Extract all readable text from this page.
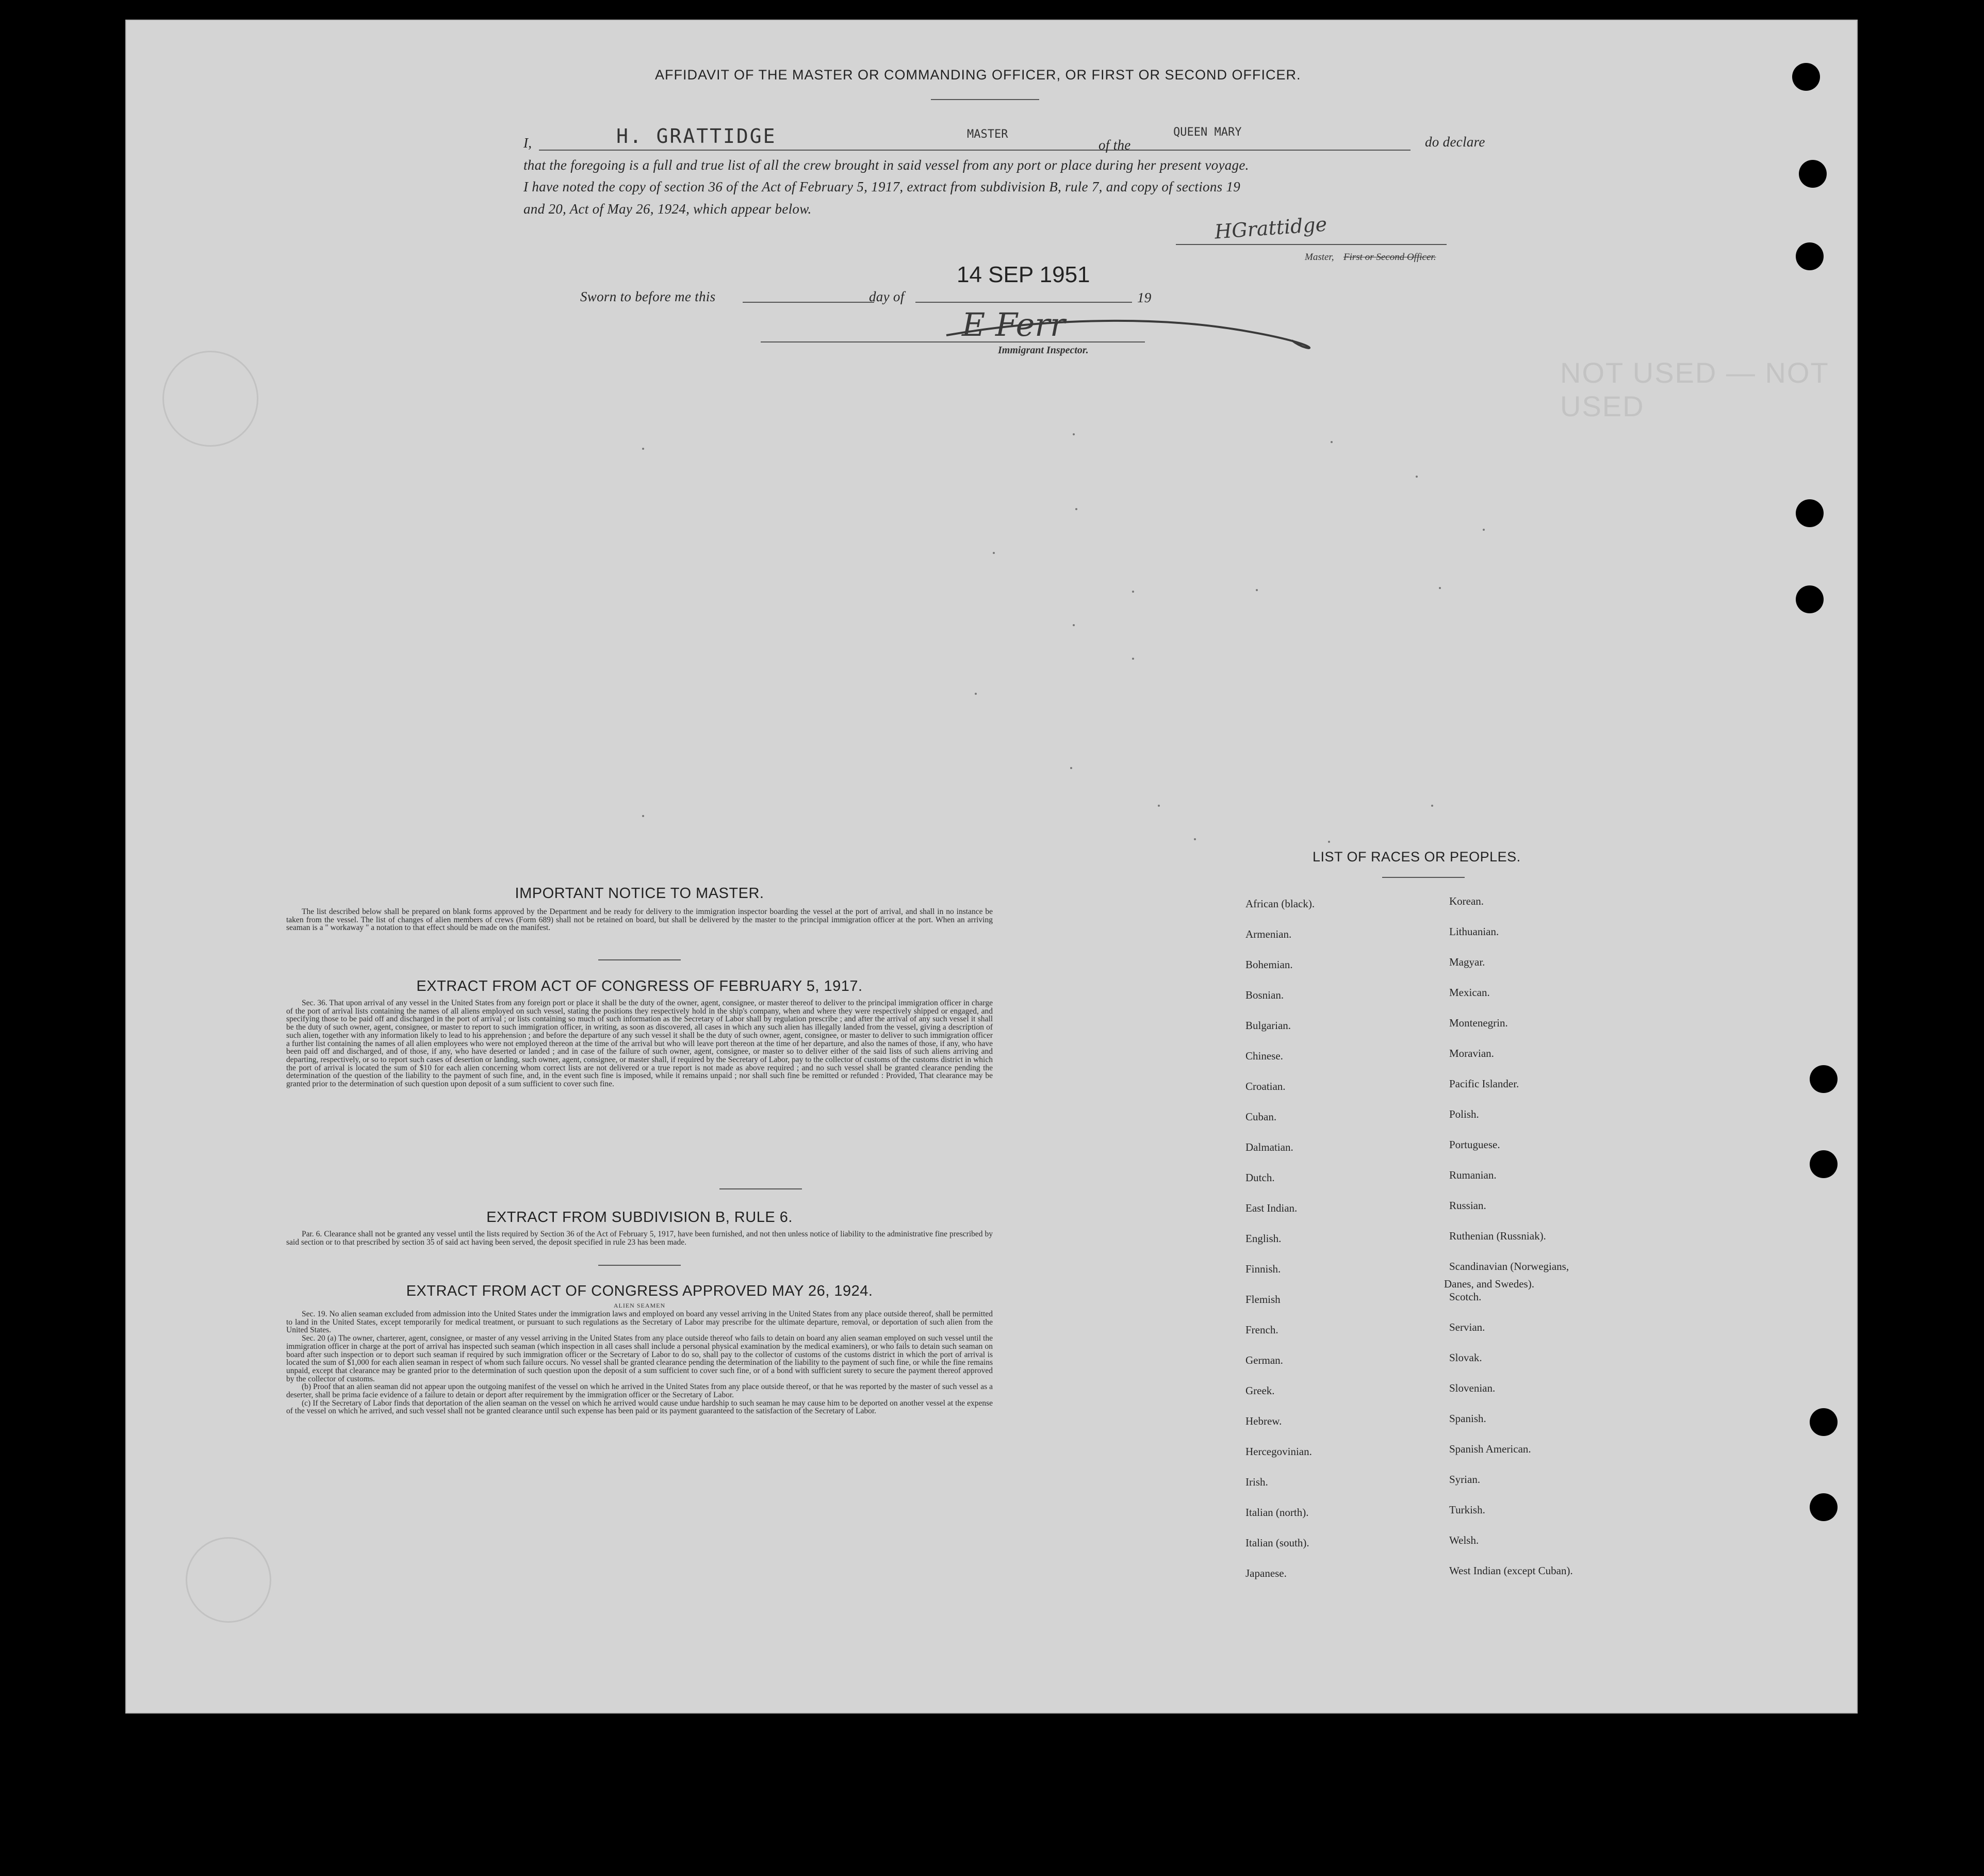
NOT USED — NOT USED
AFFIDAVIT OF THE MASTER OR COMMANDING OFFICER, OR FIRST OR SECOND OFFICER.
I,	H. GRATTIDGE	MASTER
of the
QUEEN MARY
do declare
that the foregoing is a full and true list of all the crew brought in said vessel from any port or place during her present voyage.
I have noted the copy of section 36 of the Act of February 5, 1917, extract from subdivision B, rule 7, and copy of sections 19
and 20, Act of May 26, 1924, which appear below.
HGrattidge
Master, First or Second Officer.
Sworn to before me this	day of
14 SEP 1951
19
E Ferr
Immigrant Inspector.
IMPORTANT NOTICE TO MASTER.

The list described below shall be prepared on blank forms approved by the Department and be ready for delivery to the immigration inspector boarding the vessel at the port of arrival, and shall in no instance be taken from the vessel. The list of changes of alien members of crews (Form 689) shall not be retained on board, but shall be delivered by the master to the principal immigration officer at the port. When an arriving seaman is a " workaway " a notation to that effect should be made on the manifest.

EXTRACT FROM ACT OF CONGRESS OF FEBRUARY 5, 1917.

Sec. 36. That upon arrival of any vessel in the United States from any foreign port or place it shall be the duty of the owner, agent, consignee, or master thereof to deliver to the principal immigration officer in charge of the port of arrival lists containing the names of all aliens employed on such vessel, stating the positions they respectively hold in the ship's company, when and where they were respectively shipped or engaged, and specifying those to be paid off and discharged in the port of arrival ; or lists containing so much of such information as the Secretary of Labor shall by regulation prescribe ; and after the arrival of any such vessel it shall be the duty of such owner, agent, consignee, or master to report to such immigration officer, in writing, as soon as discovered, all cases in which any such alien has illegally landed from the vessel, giving a description of such alien, together with any information likely to lead to his apprehension ; and before the departure of any such vessel it shall be the duty of such owner, agent, consignee, or master to deliver to such immigration officer a further list containing the names of all alien employees who were not employed thereon at the time of the arrival but who will leave port thereon at the time of her departure, and also the names of those, if any, who have been paid off and discharged, and of those, if any, who have deserted or landed ; and in case of the failure of such owner, agent, consignee, or master so to deliver either of the said lists of such aliens arriving and departing, respectively, or so to report such cases of desertion or landing, such owner, agent, consignee, or master shall, if required by the Secretary of Labor, pay to the collector of customs of the customs district in which the port of arrival is located the sum of $10 for each alien concerning whom correct lists are not delivered or a true report is not made as above required ; and no such vessel shall be granted clearance pending the determination of the question of the liability to the payment of such fine, and, in the event such fine is imposed, while it remains unpaid ; nor shall such fine be remitted or refunded : Provided, That clearance may be granted prior to the determination of such question upon deposit of a sum sufficient to cover such fine.

EXTRACT FROM SUBDIVISION B, RULE 6.

Par. 6. Clearance shall not be granted any vessel until the lists required by Section 36 of the Act of February 5, 1917, have been furnished, and not then unless notice of liability to the administrative fine prescribed by said section or to that prescribed by section 35 of said act having been served, the deposit specified in rule 23 has been made.

EXTRACT FROM ACT OF CONGRESS APPROVED MAY 26, 1924.
ALIEN SEAMEN

Sec. 19. No alien seaman excluded from admission into the United States under the immigration laws and employed on board any vessel arriving in the United States from any place outside thereof, shall be permitted to land in the United States, except temporarily for medical treatment, or pursuant to such regulations as the Secretary of Labor may prescribe for the ultimate departure, removal, or deportation of such alien from the United States.

Sec. 20 (a) The owner, charterer, agent, consignee, or master of any vessel arriving in the United States from any place outside thereof who fails to detain on board any alien seaman employed on such vessel until the immigration officer in charge at the port of arrival has inspected such seaman (which inspection in all cases shall include a personal physical examination by the medical examiners), or who fails to detain such seaman on board after such inspection or to deport such seaman if required by such immigration officer or the Secretary of Labor to do so, shall pay to the collector of customs of the customs district in which the port of arrival is located the sum of $1,000 for each alien seaman in respect of whom such failure occurs. No vessel shall be granted clearance pending the determination of the liability to the payment of such fine, or while the fine remains unpaid, except that clearance may be granted prior to the determination of such question upon the deposit of a sum sufficient to cover such fine, or of a bond with sufficient surety to secure the payment thereof approved by the collector of customs.

(b) Proof that an alien seaman did not appear upon the outgoing manifest of the vessel on which he arrived in the United States from any place outside thereof, or that he was reported by the master of such vessel as a deserter, shall be prima facie evidence of a failure to detain or deport after requirement by the immigration officer or the Secretary of Labor.

(c) If the Secretary of Labor finds that deportation of the alien seaman on the vessel on which he arrived would cause undue hardship to such seaman he may cause him to be deported on another vessel at the expense of the vessel on which he arrived, and such vessel shall not be granted clearance until such expense has been paid or its payment guaranteed to the satisfaction of the Secretary of Labor.

LIST OF RACES OR PEOPLES.
African (black).
Armenian.
Bohemian.
Bosnian.
Bulgarian.
Chinese.
Croatian.
Cuban.
Dalmatian.
Dutch.
East Indian.
English.
Finnish.
Flemish
French.
German.
Greek.
Hebrew.
Hercegovinian.
Irish.
Italian (north).
Italian (south).
Japanese.
Korean.
Lithuanian.
Magyar.
Mexican.
Montenegrin.
Moravian.
Pacific Islander.
Polish.
Portuguese.
Rumanian.
Russian.
Ruthenian (Russniak).
Scandinavian (Norwegians,
Scotch.
Servian.
Slovak.
Slovenian.
Spanish.
Spanish American.
Syrian.
Turkish.
Welsh.
West Indian (except Cuban).
Danes, and Swedes).
